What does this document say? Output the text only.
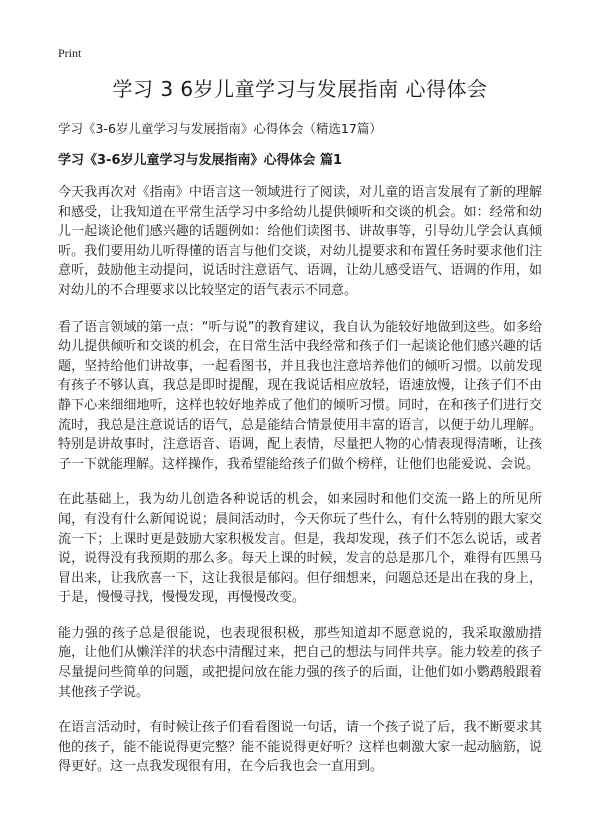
Print
学习 3 6岁儿童学习与发展指南 心得体会

学习《3-6岁儿童学习与发展指南》心得体会（精选17篇）

学习《3-6岁儿童学习与发展指南》心得体会 篇1

今天我再次对《指南》中语言这一领域进行了阅读，对儿童的语言发展有了新的理解和感受，让我知道在平常生活学习中多给幼儿提供倾听和交谈的机会。如：经常和幼儿一起谈论他们感兴趣的话题例如：给他们读图书、讲故事等，引导幼儿学会认真倾听。我们要用幼儿听得懂的语言与他们交谈，对幼儿提要求和布置任务时要求他们注意听，鼓励他主动提问，说话时注意语气、语调，让幼儿感受语气、语调的作用，如对幼儿的不合理要求以比较坚定的语气表示不同意。

看了语言领域的第一点：“听与说”的教育建议，我自认为能较好地做到这些。如多给幼儿提供倾听和交谈的机会，在日常生活中我经常和孩子们一起谈论他们感兴趣的话题，坚持给他们讲故事，一起看图书，并且我也注意培养他们的倾听习惯。以前发现有孩子不够认真，我总是即时提醒，现在我说话相应放轻，语速放慢，让孩子们不由静下心来细细地听，这样也较好地养成了他们的倾听习惯。同时，在和孩子们进行交流时，我总是注意说话的语气，总是能结合情景使用丰富的语言，以便于幼儿理解。特别是讲故事时，注意语音、语调，配上表情，尽量把人物的心情表现得清晰，让孩子一下就能理解。这样操作，我希望能给孩子们做个榜样，让他们也能爱说、会说。

在此基础上，我为幼儿创造各种说话的机会，如来园时和他们交流一路上的所见所闻，有没有什么新闻说说；晨间活动时，今天你玩了些什么，有什么特别的跟大家交流一下；上课时更是鼓励大家积极发言。但是，我却发现，孩子们不怎么说话，或者说，说得没有我预期的那么多。每天上课的时候，发言的总是那几个，难得有匹黑马冒出来，让我欣喜一下，这让我很是郁闷。但仔细想来，问题总还是出在我的身上，于是，慢慢寻找，慢慢发现，再慢慢改变。

能力强的孩子总是很能说，也表现很积极，那些知道却不愿意说的，我采取激励措施，让他们从懒洋洋的状态中清醒过来，把自己的想法与同伴共享。能力较差的孩子尽量提问些简单的问题，或把提问放在能力强的孩子的后面，让他们如小鹦鹉般跟着其他孩子学说。

在语言活动时，有时候让孩子们看看图说一句话，请一个孩子说了后，我不断要求其他的孩子，能不能说得更完整？能不能说得更好听？这样也刺激大家一起动脑筋，说得更好。这一点我发现很有用，在今后我也会一直用到。
